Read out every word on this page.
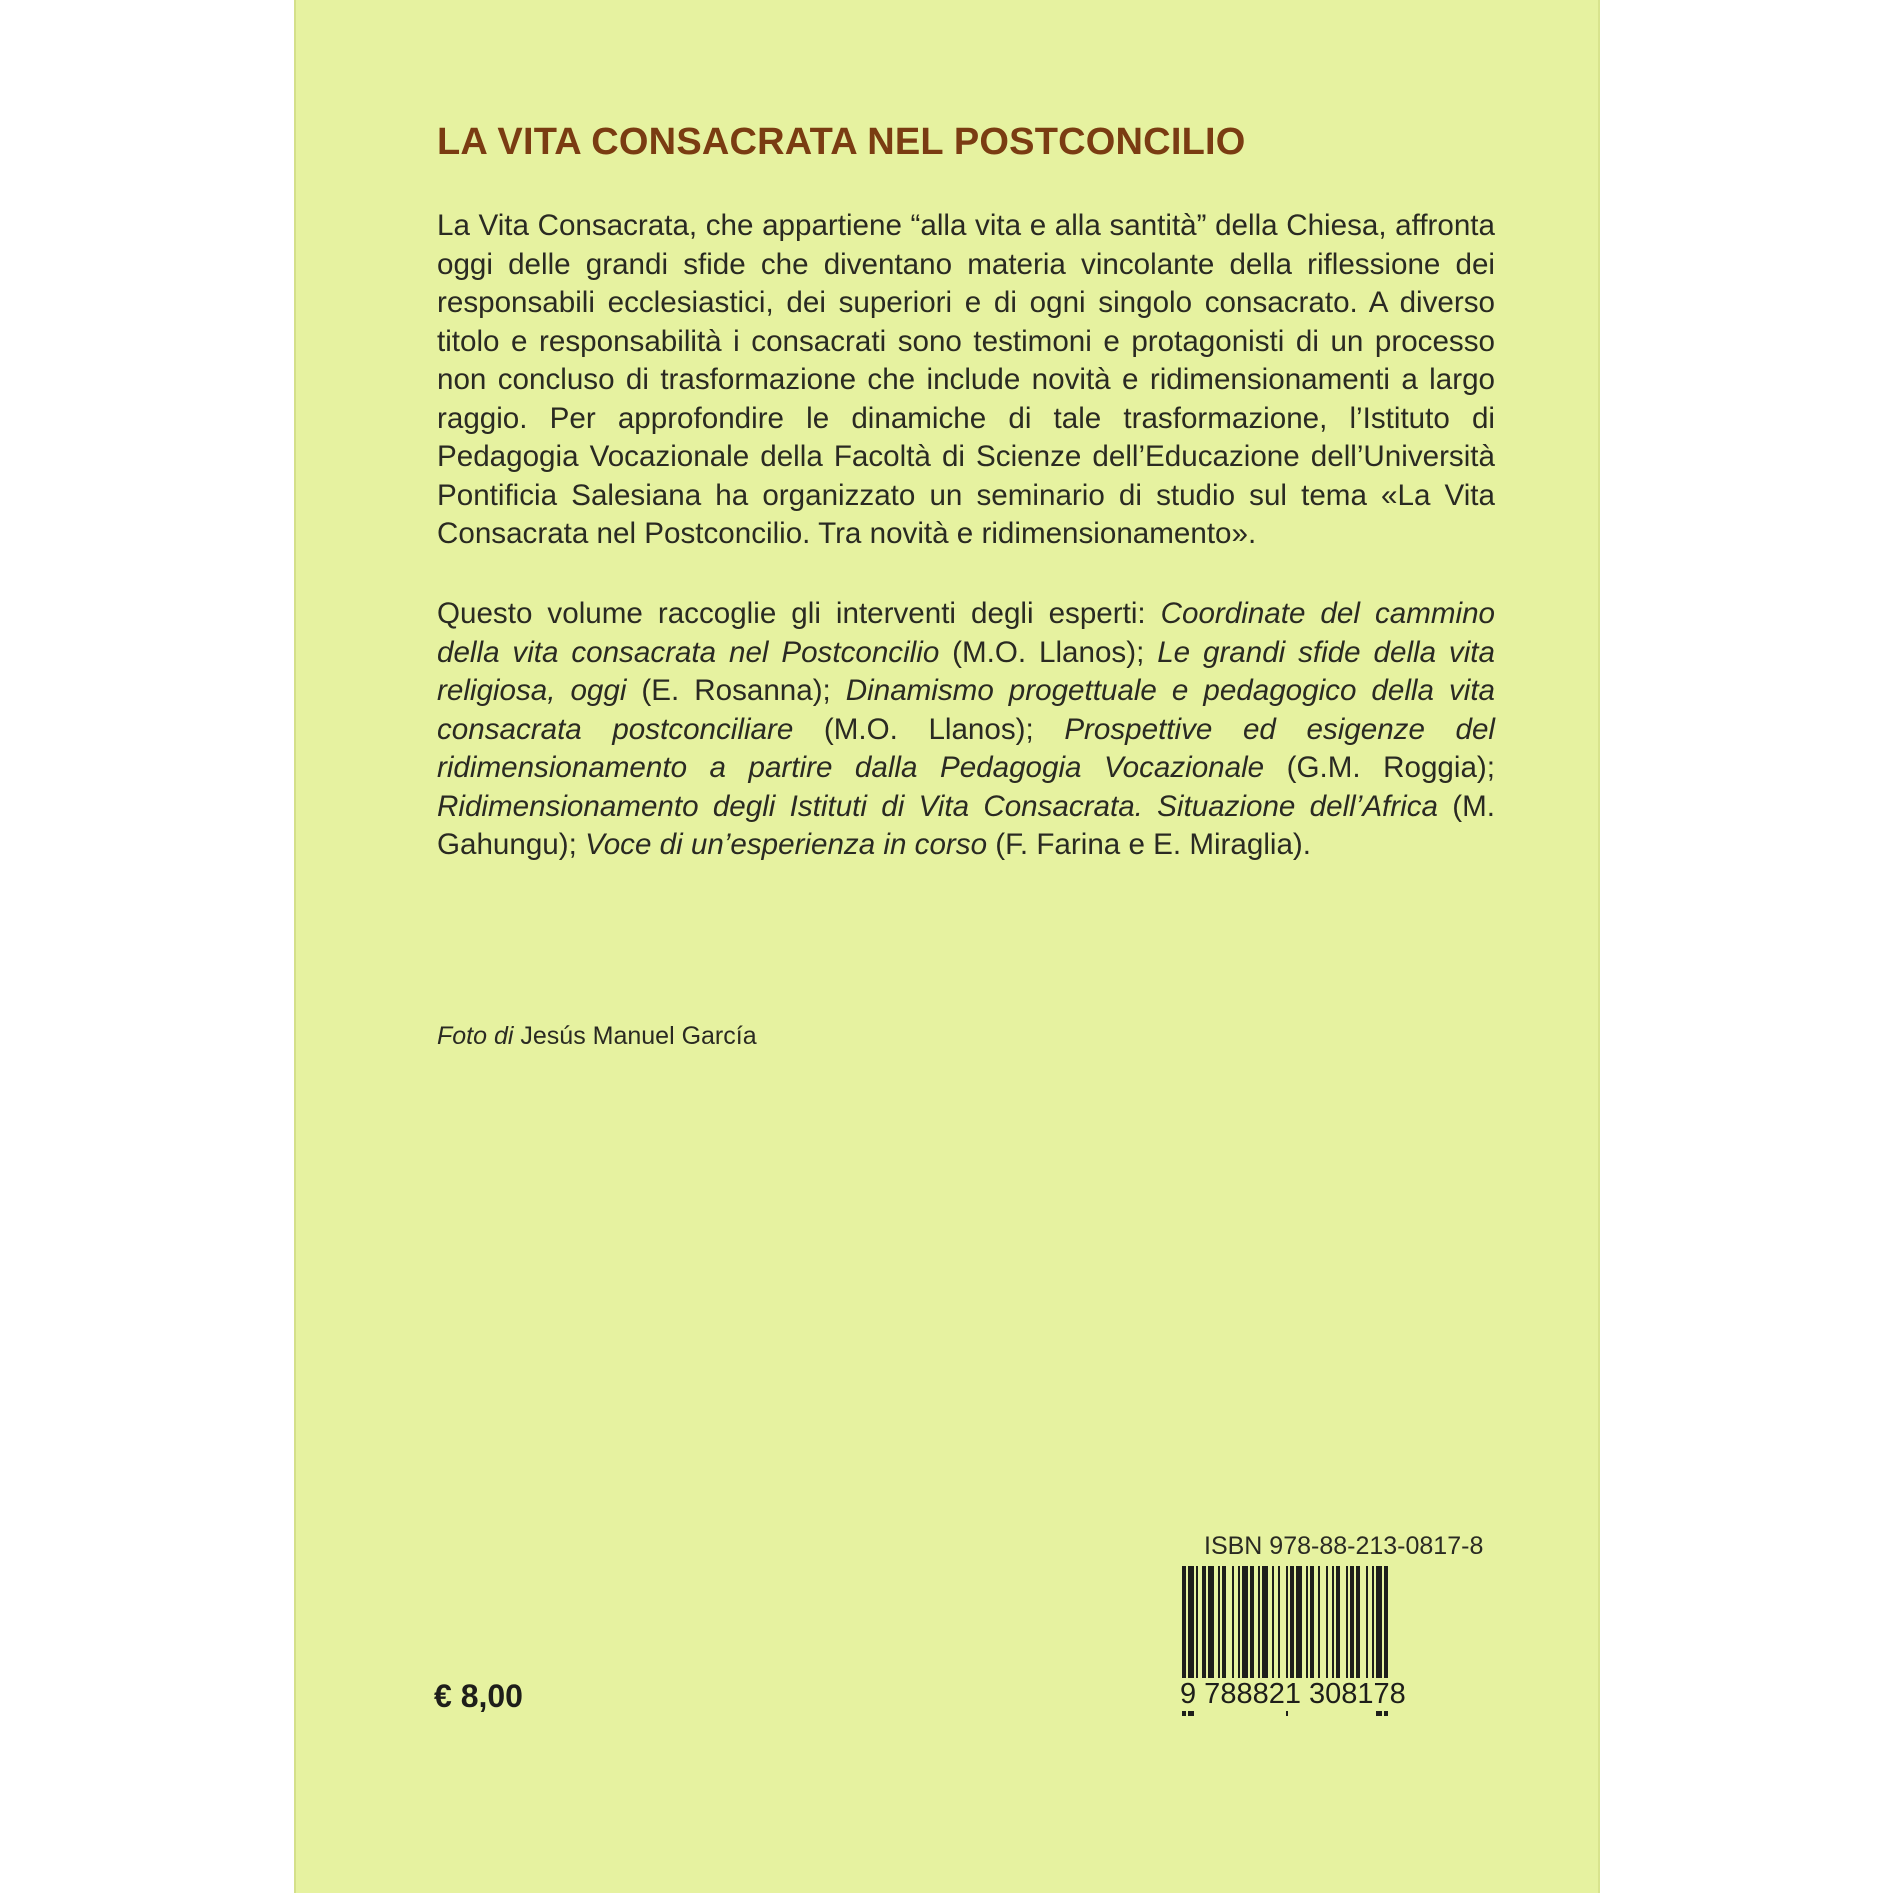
LA VITA CONSACRATA NEL POSTCONCILIO

La Vita Consacrata, che appartiene “alla vita e alla santità” della Chiesa, affronta oggi delle grandi sfide che diventano materia vincolante della riflessione dei responsabili ecclesiastici, dei superiori e di ogni singolo consacrato. A diverso titolo e responsabilità i consacrati sono testimoni e protagonisti di un processo non concluso di trasformazione che include novità e ridimensionamenti a largo raggio. Per approfondire le dinamiche di tale trasformazione, l’Istituto di Pedagogia Vocazionale della Facoltà di Scienze dell’Educazione dell’Università Pontificia Salesiana ha organizzato un seminario di studio sul tema «La Vita Consacrata nel Postconcilio. Tra novità e ridimensionamento».

Questo volume raccoglie gli interventi degli esperti: Coordinate del cammino della vita consacrata nel Postconcilio (M.O. Llanos); Le grandi sfide della vita religiosa, oggi (E. Rosanna); Dinamismo progettuale e pedagogico della vita consacrata postconciliare (M.O. Llanos); Prospettive ed esigenze del ridimensionamento a partire dalla Pedagogia Vocazionale (G.M. Roggia); Ridimensionamento degli Istituti di Vita Consacrata. Situazione dell’Africa (M. Gahungu); Voce di un’esperienza in corso (F. Farina e E. Miraglia).

Foto di Jesús Manuel García
€ 8,00
ISBN 978-88-213-0817-8
9 788821 308178
